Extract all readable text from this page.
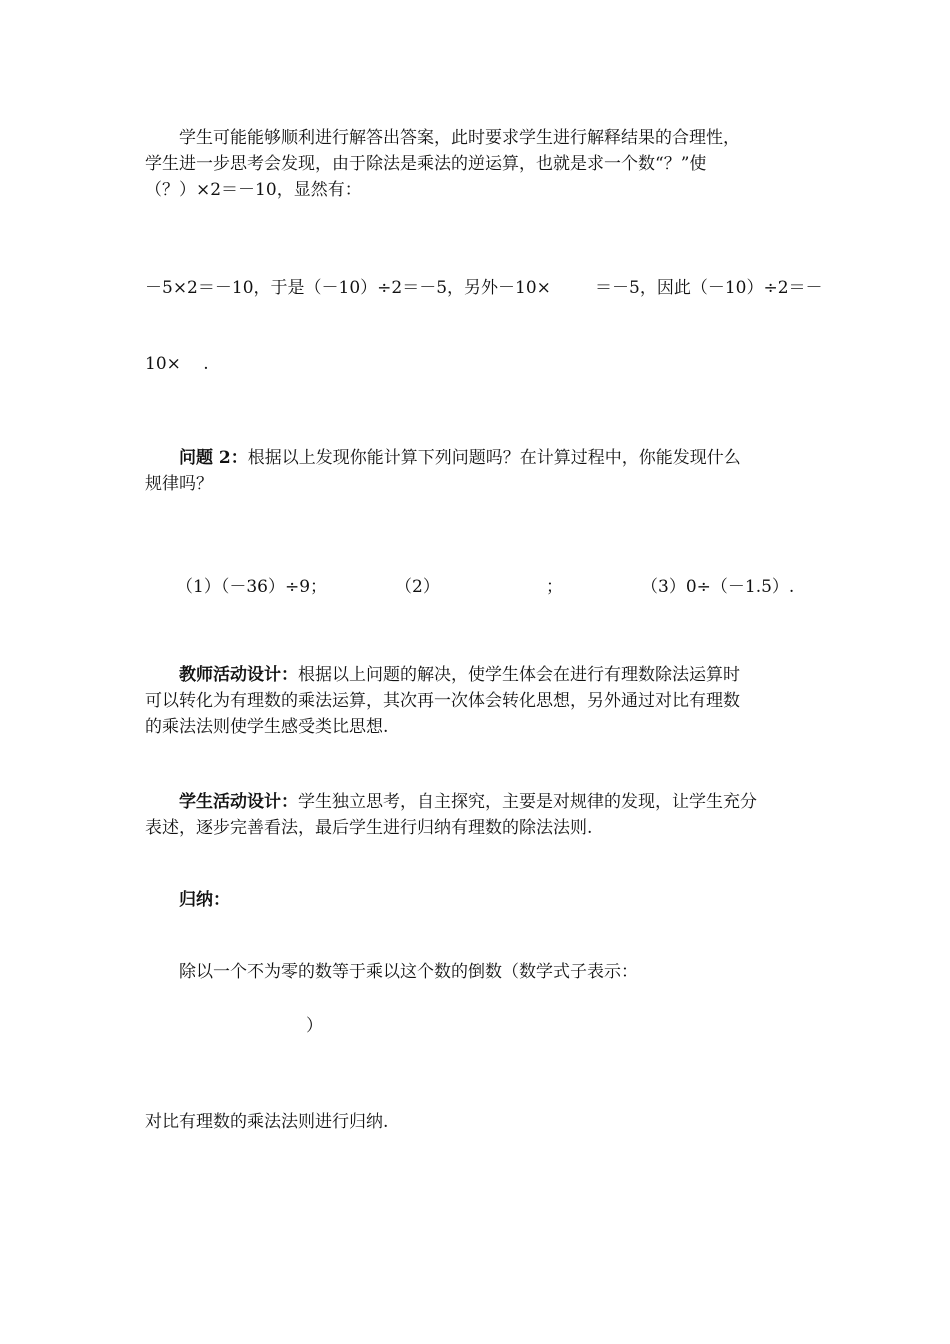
学生可能能够顺利进行解答出答案，此时要求学生进行解释结果的合理性，
学生进一步思考会发现，由于除法是乘法的逆运算，也就是求一个数“？”使
（？）×2＝－10，显然有：
－5×2＝－10，于是（－10）÷2＝－5，另外－10×	＝－5，因此（－10）÷2＝－
10×　 .
问题 2：根据以上发现你能计算下列问题吗？在计算过程中，你能发现什么
规律吗？
（1）（－36）÷9；	（2）	；	（3）0÷（－1.5）.
教师活动设计：根据以上问题的解决，使学生体会在进行有理数除法运算时
可以转化为有理数的乘法运算，其次再一次体会转化思想，另外通过对比有理数
的乘法法则使学生感受类比思想.
学生活动设计：学生独立思考，自主探究，主要是对规律的发现，让学生充分
表述，逐步完善看法，最后学生进行归纳有理数的除法法则.
归纳：
除以一个不为零的数等于乘以这个数的倒数（数学式子表示：
）
对比有理数的乘法法则进行归纳.
